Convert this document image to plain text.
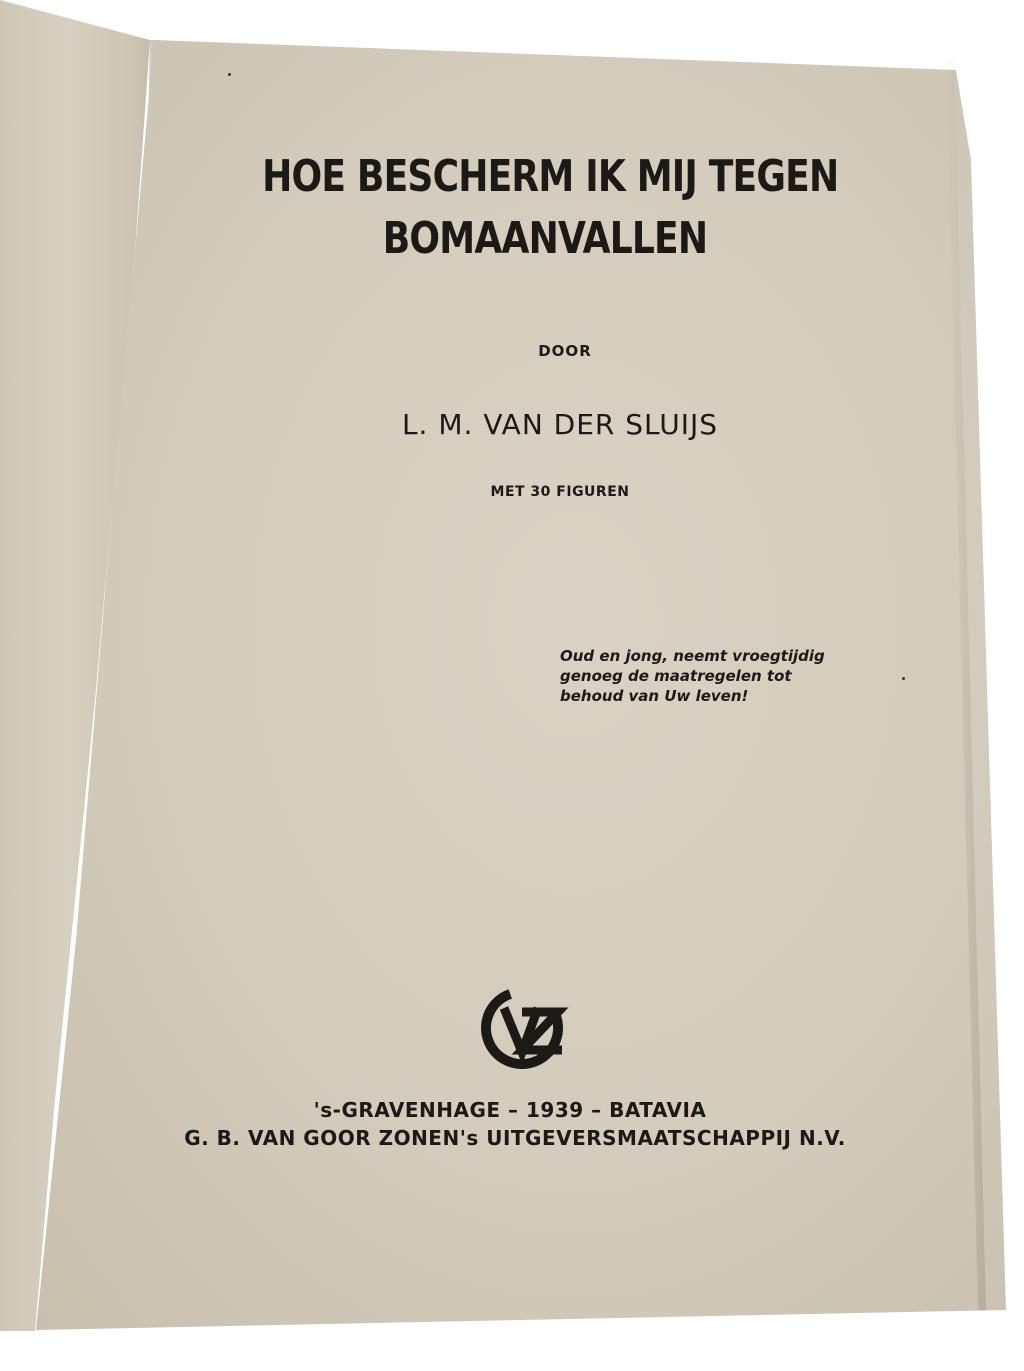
HOE BESCHERM IK MIJ TEGEN
BOMAANVALLEN
DOOR
L. M. VAN DER SLUIJS
MET 30 FIGUREN
Oud en jong, neemt vroegtijdig
genoeg de maatregelen tot
behoud van Uw leven!
's-GRAVENHAGE – 1939 – BATAVIA
G. B. VAN GOOR ZONEN's UITGEVERSMAATSCHAPPIJ N.V.
